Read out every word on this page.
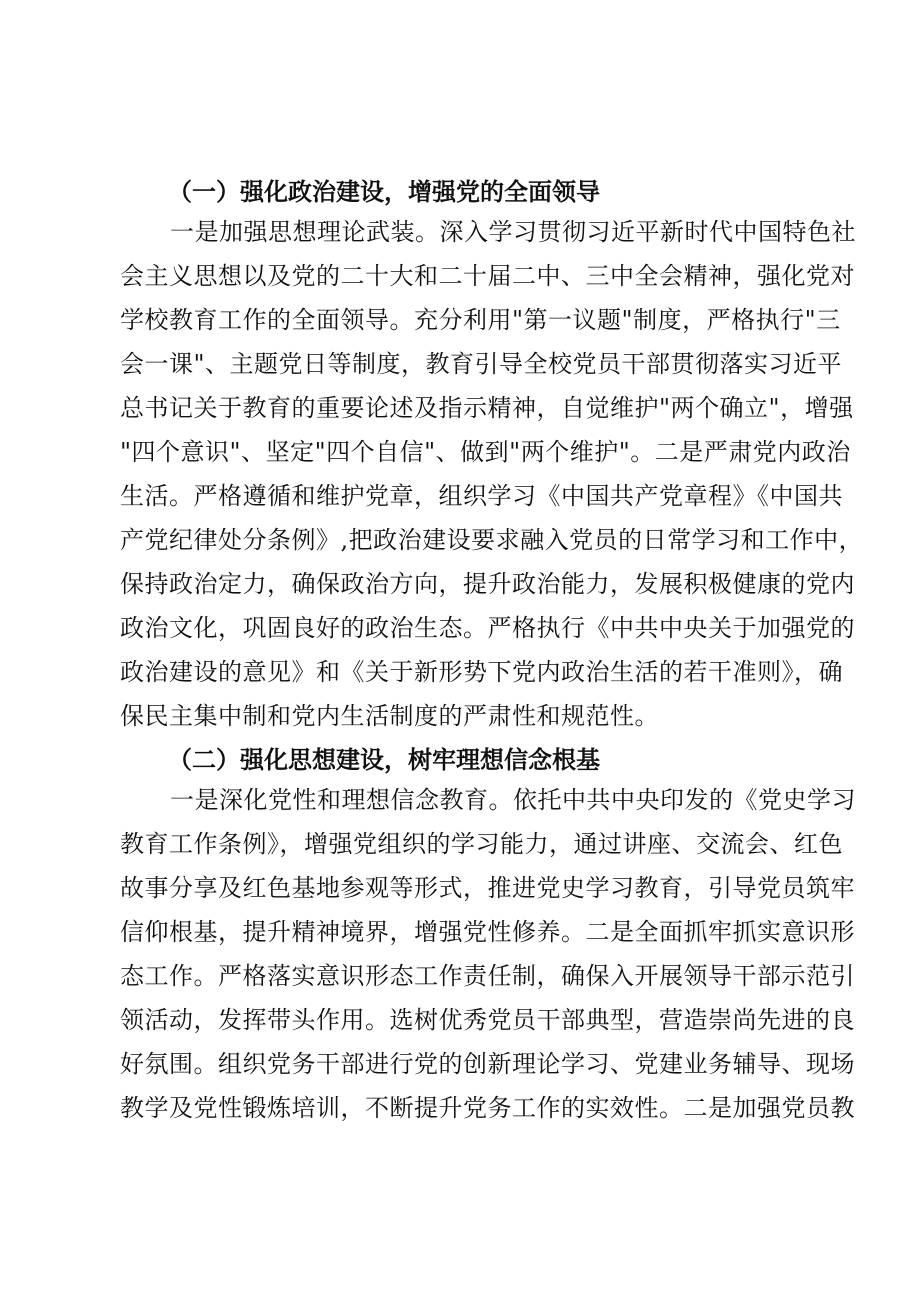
（一）强化政治建设，增强党的全面领导
一是加强思想理论武装。深入学习贯彻习近平新时代中国特色社
会主义思想以及党的二十大和二十届二中、三中全会精神，强化党对
学校教育工作的全面领导。充分利用"第一议题"制度，严格执行"三
会一课"、主题党日等制度，教育引导全校党员干部贯彻落实习近平
总书记关于教育的重要论述及指示精神，自觉维护"两个确立"，增强
"四个意识"、坚定"四个自信"、做到"两个维护"。二是严肃党内政治
生活。严格遵循和维护党章，组织学习《中国共产党章程》《中国共
产党纪律处分条例》,把政治建设要求融入党员的日常学习和工作中，
保持政治定力，确保政治方向，提升政治能力，发展积极健康的党内
政治文化，巩固良好的政治生态。严格执行《中共中央关于加强党的
政治建设的意见》和《关于新形势下党内政治生活的若干准则》，确
保民主集中制和党内生活制度的严肃性和规范性。
（二）强化思想建设，树牢理想信念根基
一是深化党性和理想信念教育。依托中共中央印发的《党史学习
教育工作条例》，增强党组织的学习能力，通过讲座、交流会、红色
故事分享及红色基地参观等形式，推进党史学习教育，引导党员筑牢
信仰根基，提升精神境界，增强党性修养。二是全面抓牢抓实意识形
态工作。严格落实意识形态工作责任制，确保入开展领导干部示范引
领活动，发挥带头作用。选树优秀党员干部典型，营造崇尚先进的良
好氛围。组织党务干部进行党的创新理论学习、党建业务辅导、现场
教学及党性锻炼培训，不断提升党务工作的实效性。二是加强党员教
